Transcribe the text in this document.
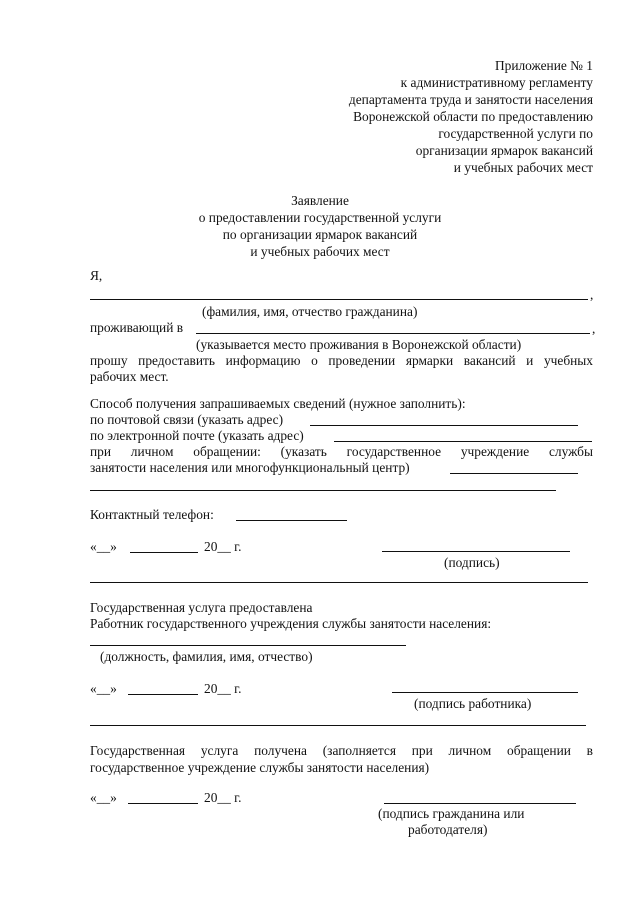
Приложение № 1
к административному регламенту
департамента труда и занятости населения
Воронежской области по предоставлению
государственной услуги по
организации ярмарок вакансий
и учебных рабочих мест
Заявление
о предоставлении государственной услуги
по организации ярмарок вакансий
и учебных рабочих мест
Я,
,
(фамилия, имя, отчество гражданина)
проживающий в	,
(указывается место проживания в Воронежской области)
прошу предоставить информацию о проведении ярмарки вакансий и учебных
рабочих мест.
Способ получения запрашиваемых сведений (нужное заполнить):
по почтовой связи (указать адрес)
по электронной почте (указать адрес)
при личном обращении: (указать государственное учреждение службы
занятости населения или многофункциональный центр)
Контактный телефон:
«__»	20__ г.
(подпись)
Государственная услуга предоставлена
Работник государственного учреждения службы занятости населения:
(должность, фамилия, имя, отчество)
«__»	20__ г.
(подпись работника)
Государственная услуга получена (заполняется при личном обращении в
государственное учреждение службы занятости населения)
«__»	20__ г.
(подпись гражданина или
работодателя)
